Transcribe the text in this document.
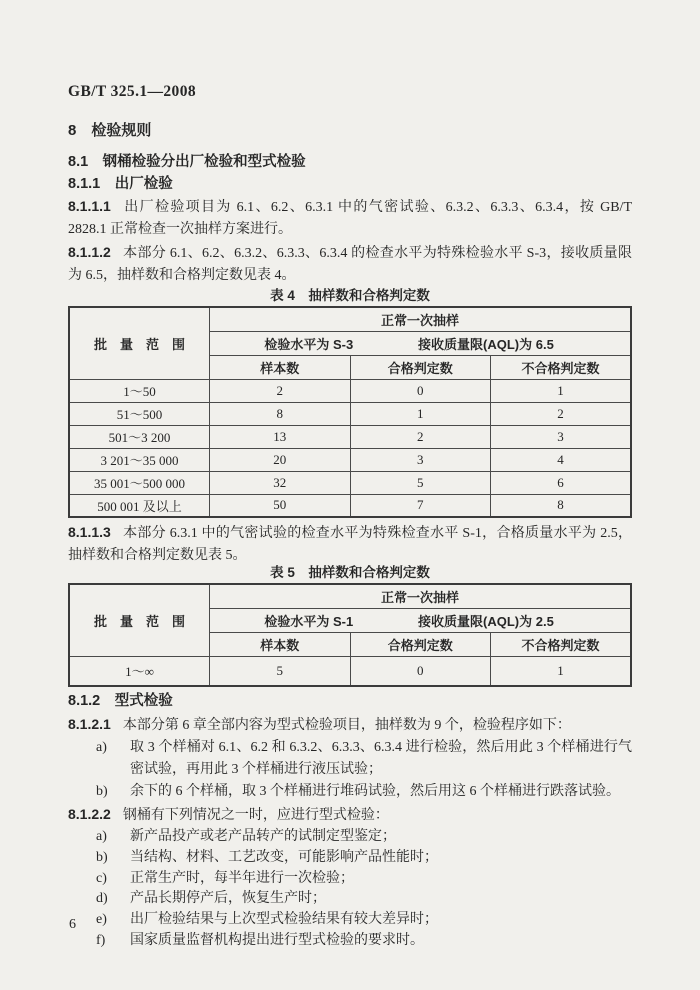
GB/T 325.1—2008
8　检验规则
8.1　钢桶检验分出厂检验和型式检验
8.1.1　出厂检验

8.1.1.1 出厂检验项目为 6.1、6.2、6.3.1 中的气密试验、6.3.2、6.3.3、6.3.4，按 GB/T 2828.1 正常检查一次抽样方案进行。

8.1.1.2 本部分 6.1、6.2、6.3.2、6.3.3、6.3.4 的检查水平为特殊检验水平 S-3，接收质量限为 6.5，抽样数和合格判定数见表 4。

表 4　抽样数和合格判定数
批　量　范　围	正常一次抽样		

	检验水平为 S-3 接收质量限(AQL)为 6.5		

	样本数	合格判定数	不合格判定数
1～50	2	0	1
51～500	8	1	2
501～3 200	13	2	3
3 201～35 000	20	3	4
35 001～500 000	32	5	6
500 001 及以上	50	7	8

8.1.1.3 本部分 6.3.1 中的气密试验的检查水平为特殊检查水平 S-1，合格质量水平为 2.5，抽样数和合格判定数见表 5。

表 5　抽样数和合格判定数
批　量　范　围	正常一次抽样		

	检验水平为 S-1 接收质量限(AQL)为 2.5		

	样本数	合格判定数	不合格判定数
1～∞	5	0	1
8.1.2　型式检验

8.1.2.1 本部分第 6 章全部内容为型式检验项目，抽样数为 9 个，检验程序如下：

a)	取 3 个样桶对 6.1、6.2 和 6.3.2、6.3.3、6.3.4 进行检验，然后用此 3 个样桶进行气密试验，再用此 3 个样桶进行液压试验；
b)	余下的 6 个样桶，取 3 个样桶进行堆码试验，然后用这 6 个样桶进行跌落试验。

8.1.2.2 钢桶有下列情况之一时，应进行型式检验：

a)	新产品投产或老产品转产的试制定型鉴定；
b)	当结构、材料、工艺改变，可能影响产品性能时；
c)	正常生产时，每半年进行一次检验；
d)	产品长期停产后，恢复生产时；
e)	出厂检验结果与上次型式检验结果有较大差异时；
f)	国家质量监督机构提出进行型式检验的要求时。
6
